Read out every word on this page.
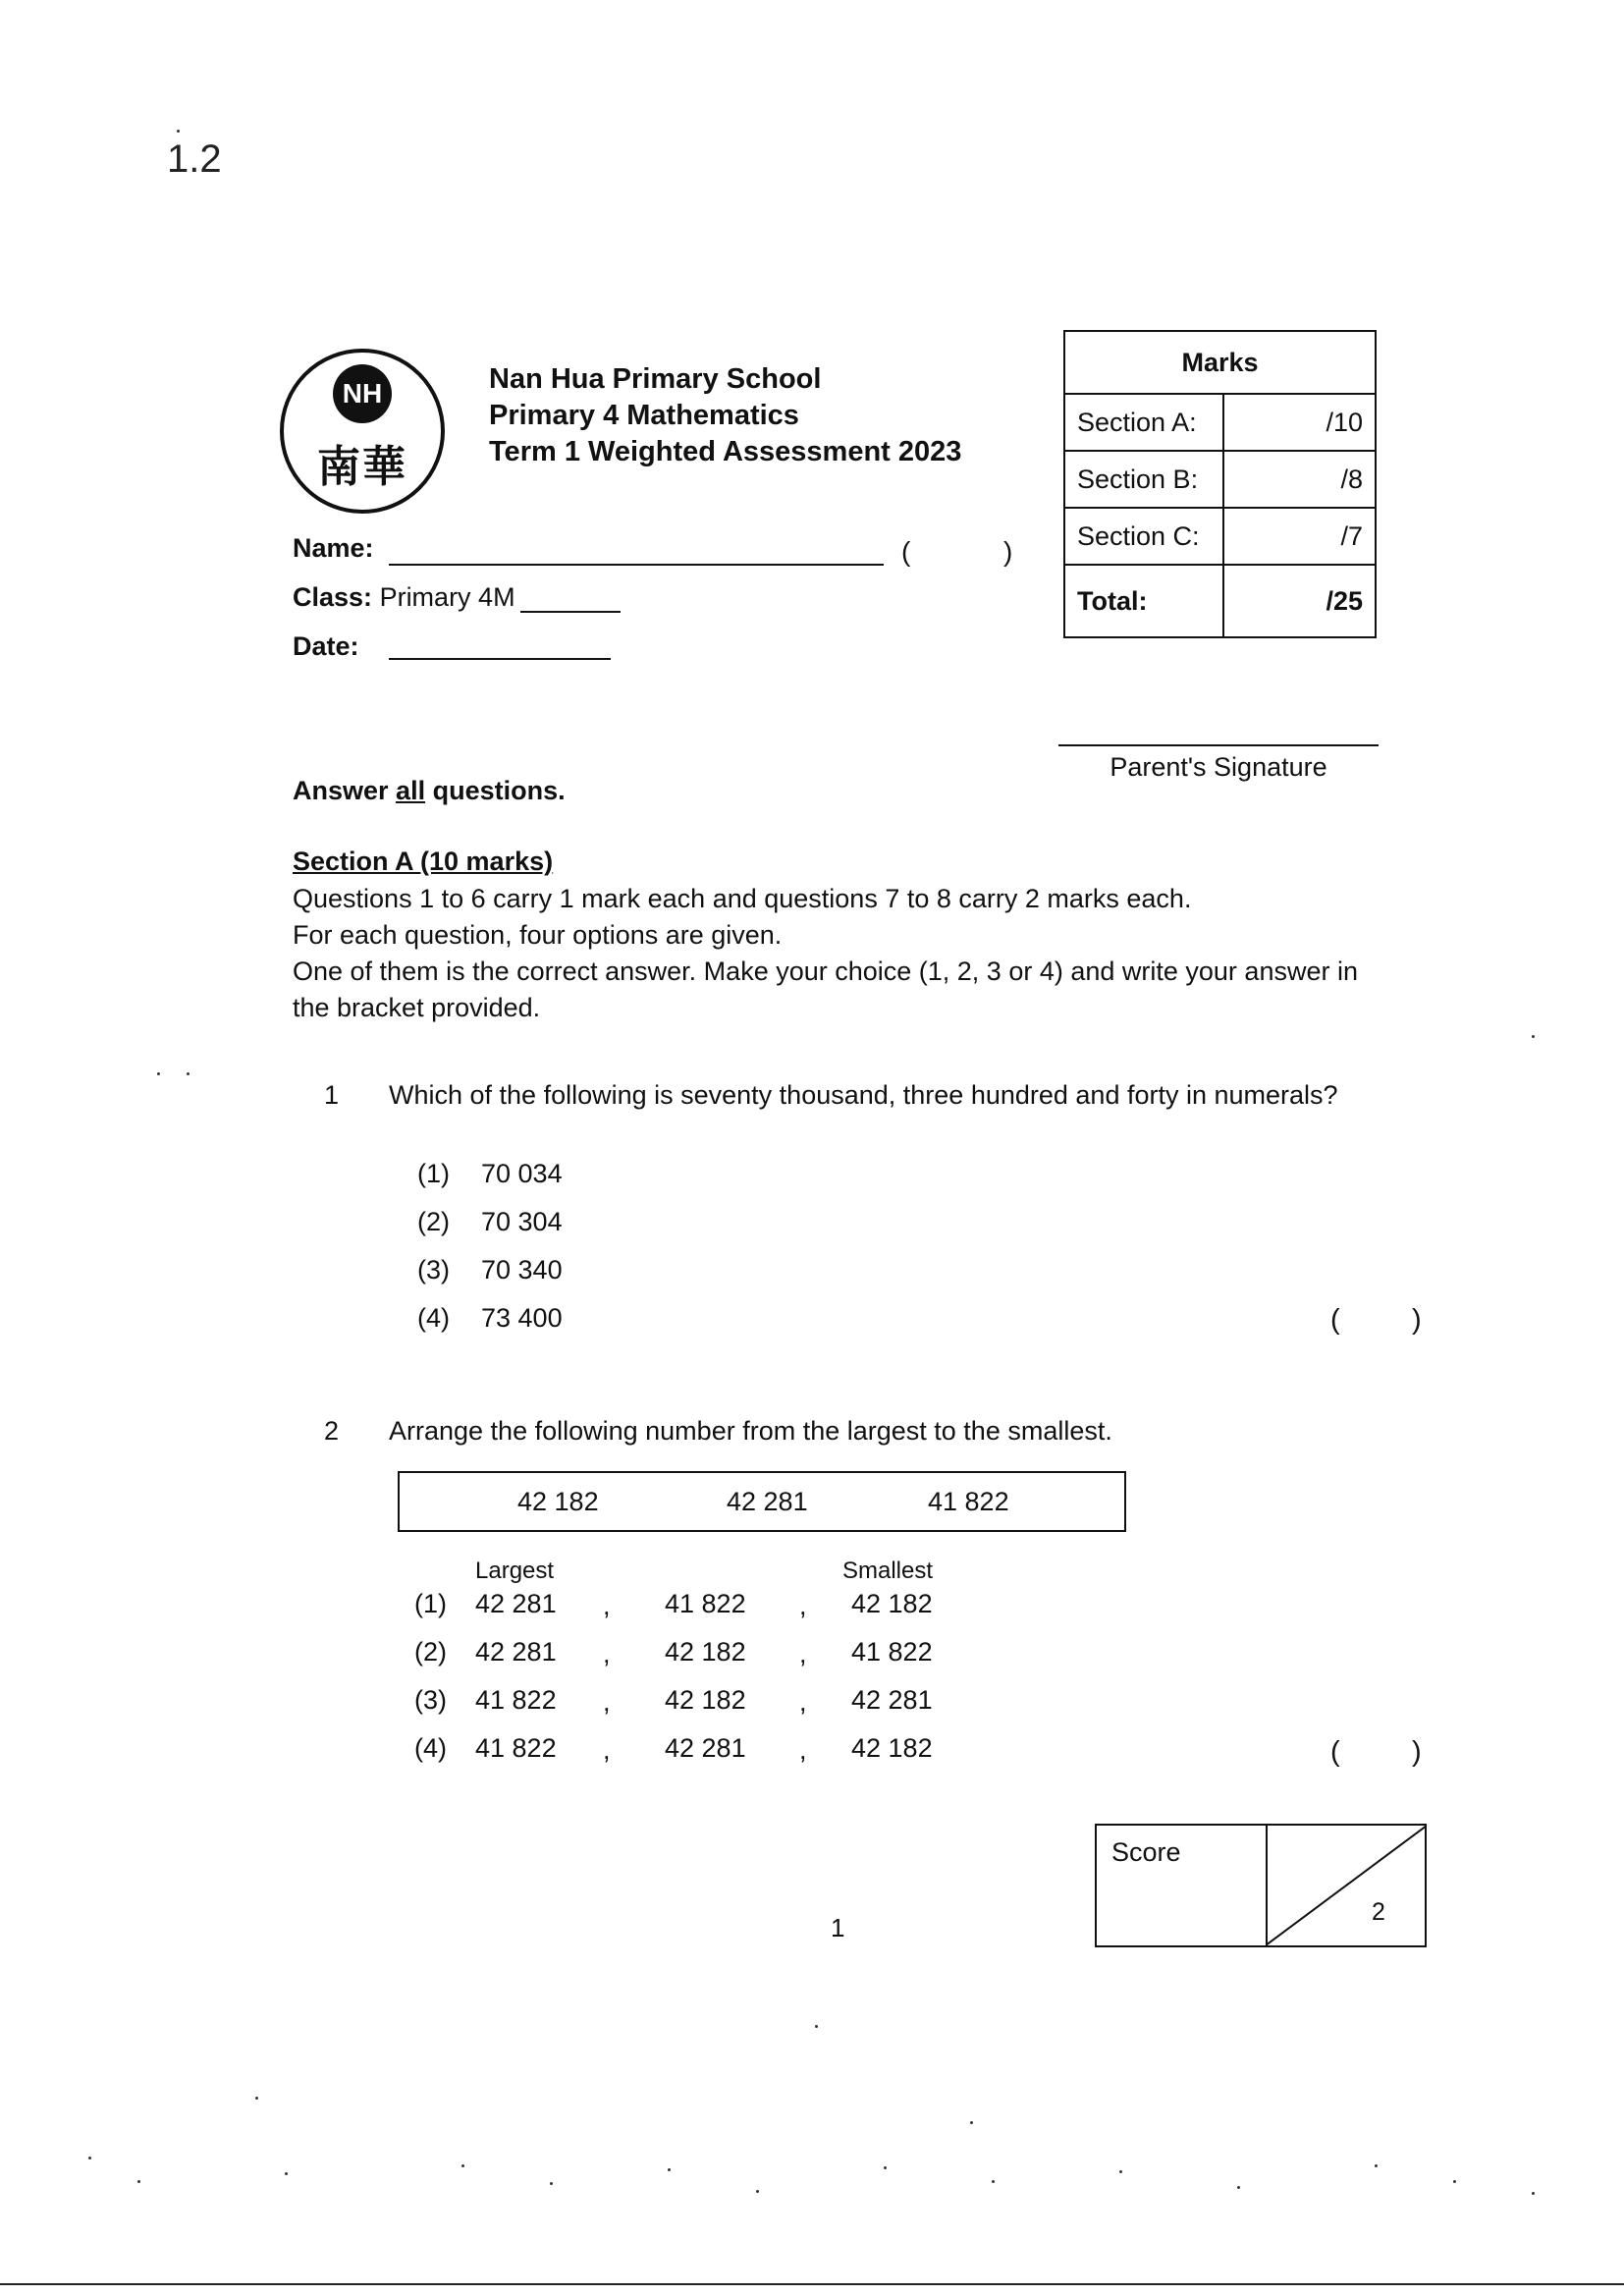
1.2
NH
南華
Nan Hua Primary School
Primary 4 Mathematics
Term 1 Weighted Assessment 2023
Name:	(	)
Class: Primary 4M
Date:
Marks	
Section A:	/10
Section B:	/8
Section C:	/7
Total:	/25
Parent's Signature
Answer all questions.
Section A (10 marks)
Questions 1 to 6 carry 1 mark each and questions 7 to 8 carry 2 marks each.
For each question, four options are given.
One of them is the correct answer. Make your choice (1, 2, 3 or 4) and write your answer in
the bracket provided.
1 Which of the following is seventy thousand, three hundred and forty in numerals?
(1) 70 034
(2) 70 304
(3) 70 340
(4) 73 400	(	)
2 Arrange the following number from the largest to the smallest.
42 182	42 281	41 822
Largest	Smallest
(1) 42 281 , 41 822 , 42 182
(2) 42 281 , 42 182 , 41 822
(3) 41 822 , 42 182 , 42 281
(4) 41 822 , 42 281 , 42 182	(	)
Score
2
1
